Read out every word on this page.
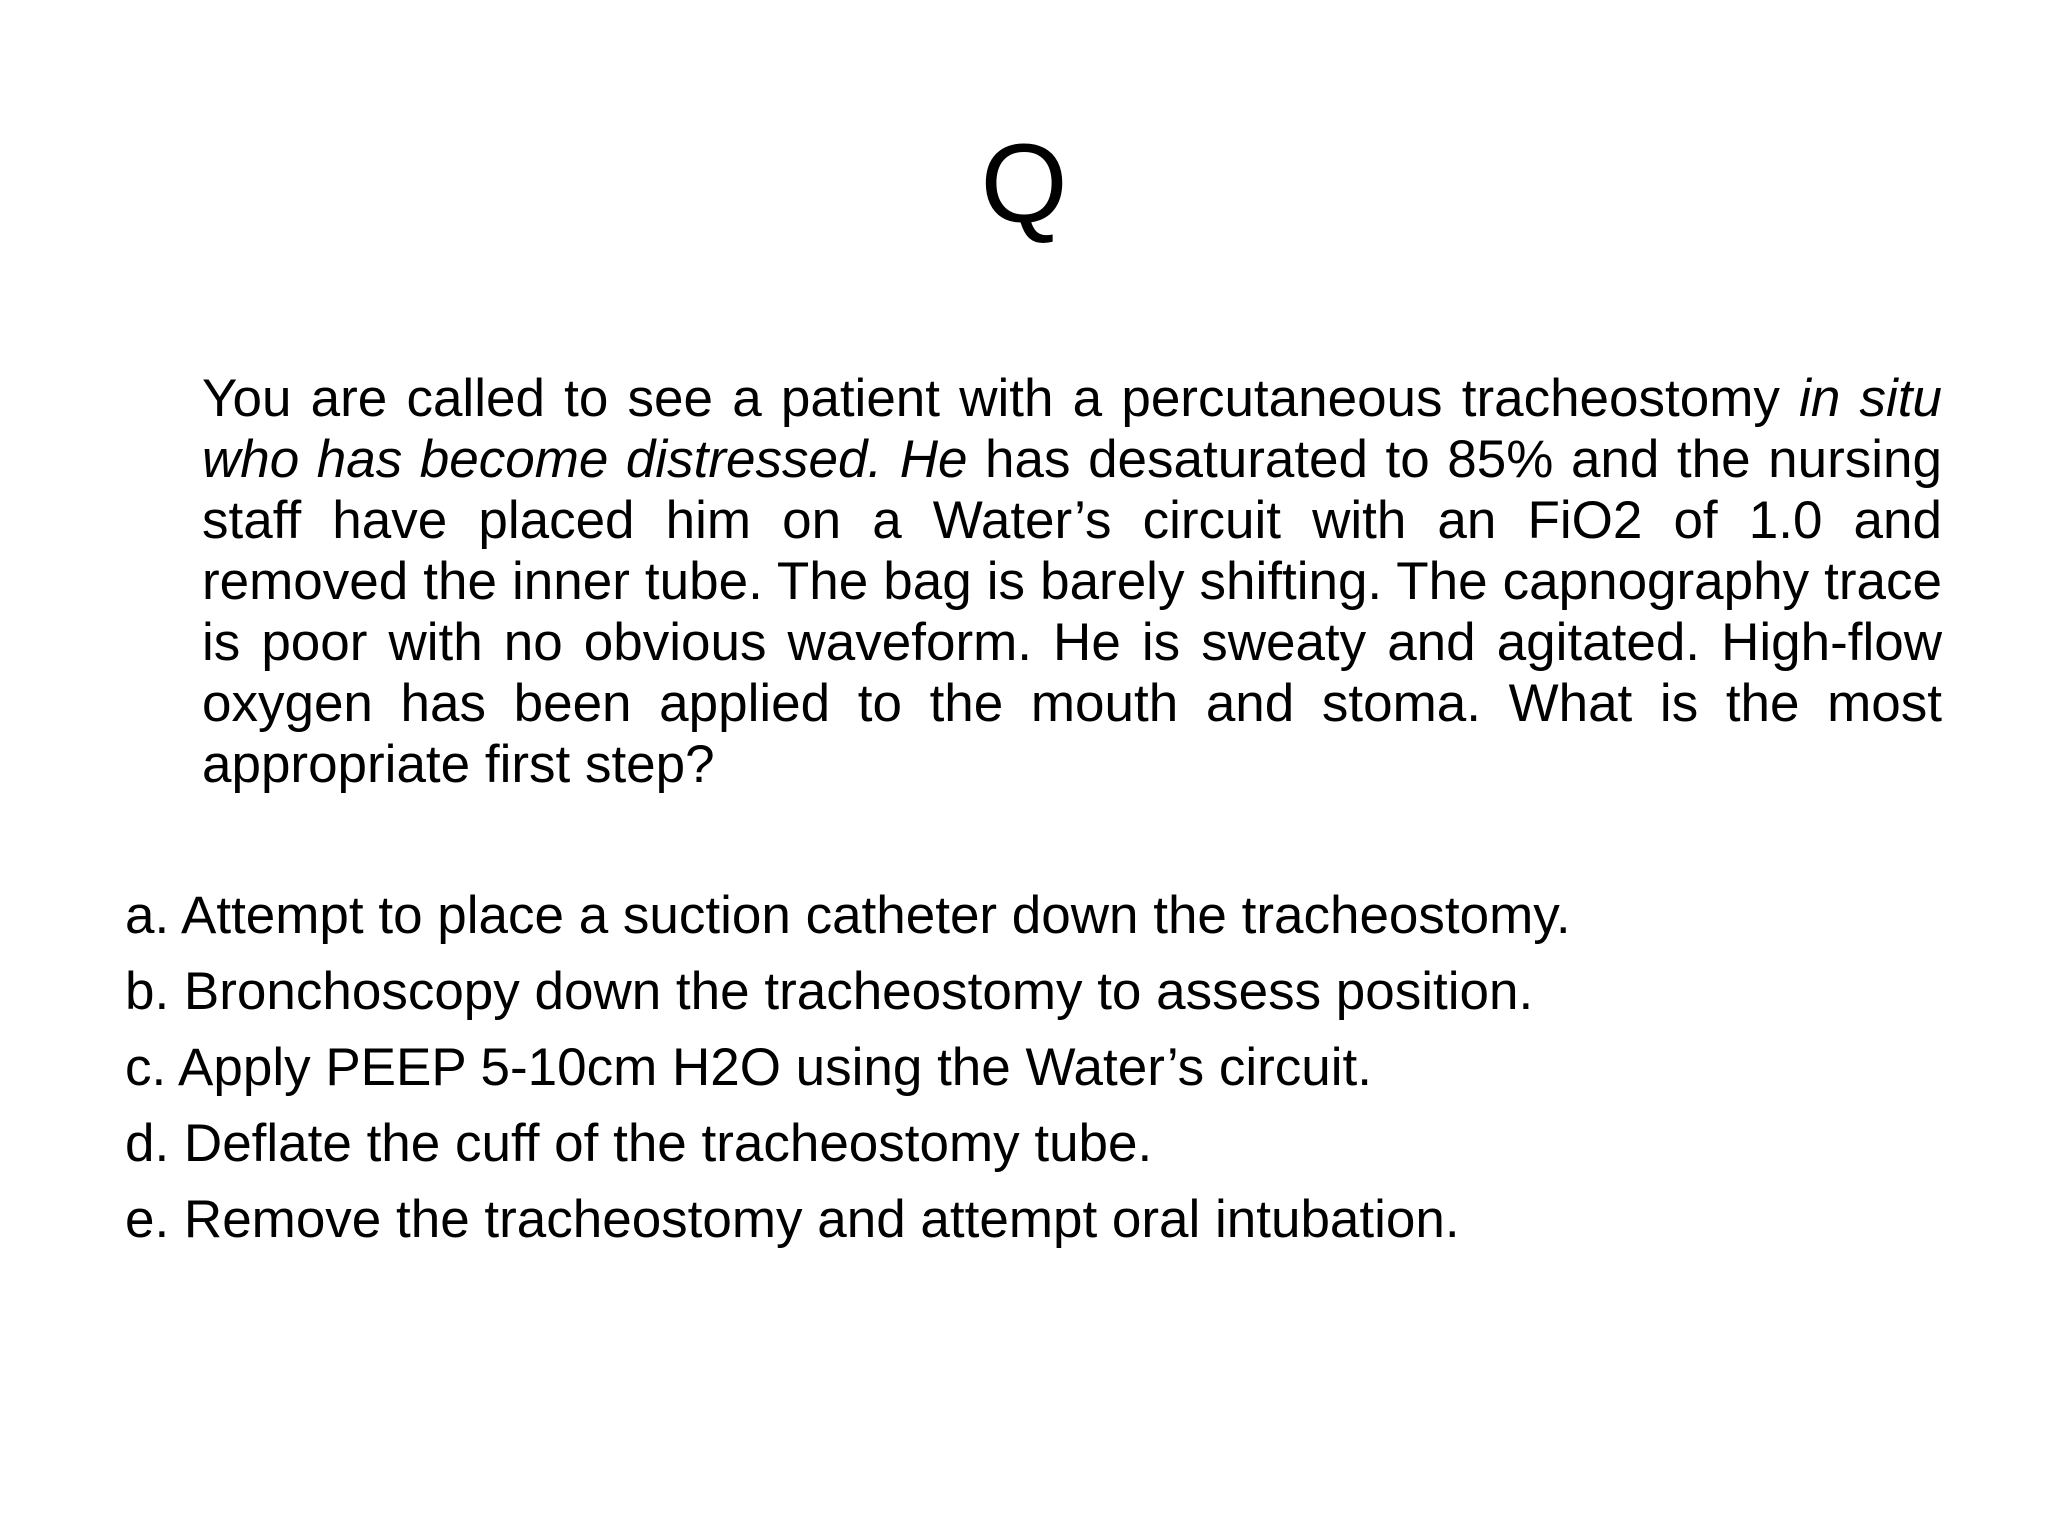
Q

You are called to see a patient with a percutaneous tracheostomy in situ who has become distressed. He has desaturated to 85% and the nursing staff have placed him on a Water’s circuit with an FiO2 of 1.0 and removed the inner tube. The bag is barely shifting. The capnography trace is poor with no obvious waveform. He is sweaty and agitated. High-flow oxygen has been applied to the mouth and stoma. What is the most appropriate first step?

a. Attempt to place a suction catheter down the tracheostomy.
b. Bronchoscopy down the tracheostomy to assess position.
c. Apply PEEP 5-10cm H2O using the Water’s circuit.
d. Deflate the cuff of the tracheostomy tube.
e. Remove the tracheostomy and attempt oral intubation.
